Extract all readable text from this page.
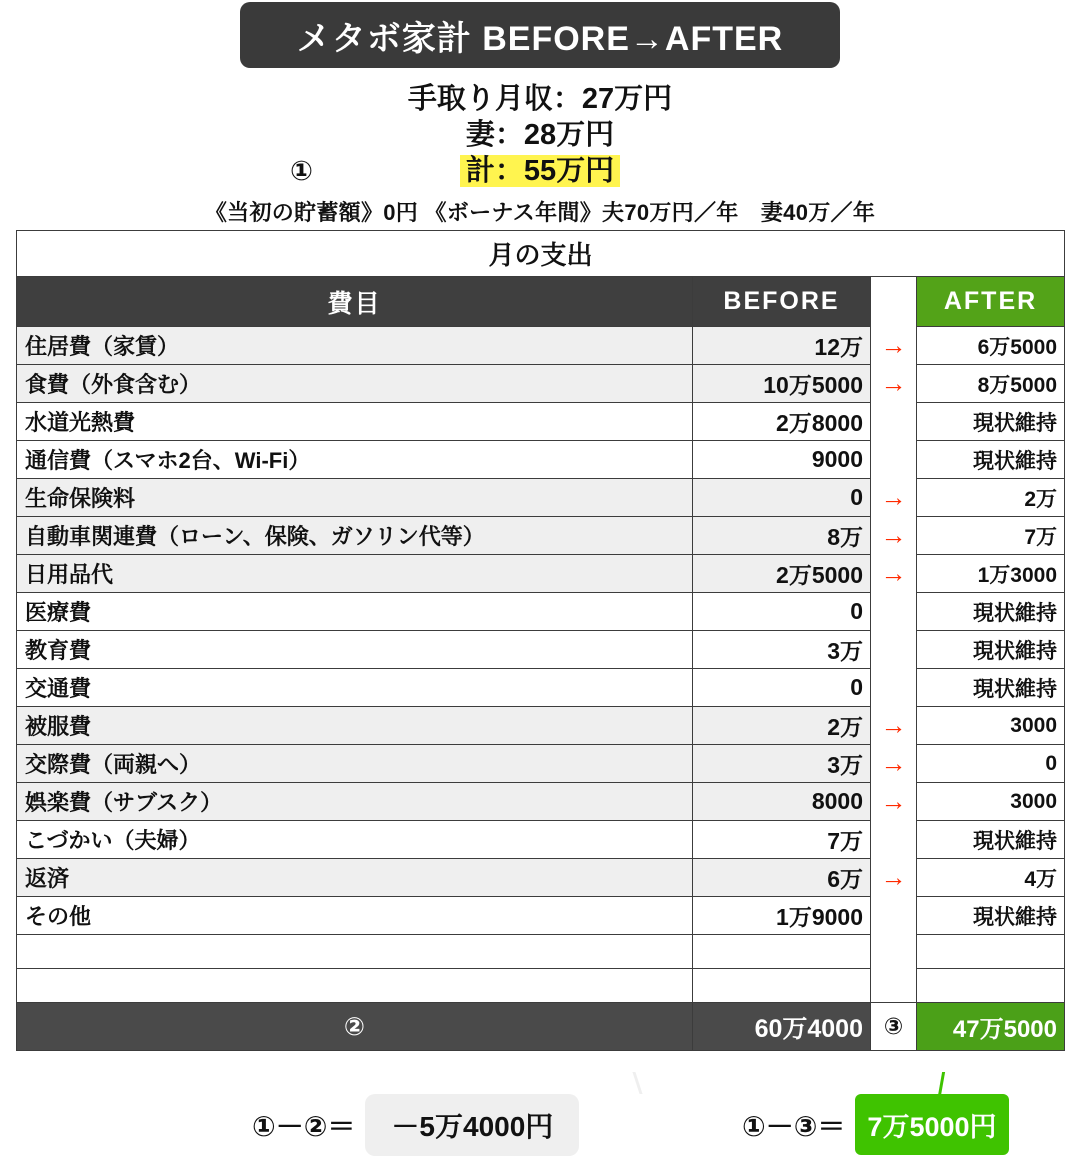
メタボ家計 BEFORE→AFTER
手取り月収：27万円
妻：28万円
計：55万円
①
《当初の貯蓄額》0円 《ボーナス年間》夫70万円／年　妻40万／年
月の支出			
費目	BEFORE		AFTER
住居費（家賃）	12万	→	6万5000
食費（外食含む）	10万5000	→	8万5000
水道光熱費	2万8000		現状維持
通信費（スマホ2台、Wi-Fi）	9000		現状維持
生命保険料	0	→	2万
自動車関連費（ローン、保険、ガソリン代等）	8万	→	7万
日用品代	2万5000	→	1万3000
医療費	0		現状維持
教育費	3万		現状維持
交通費	0		現状維持
被服費	2万	→	3000
交際費（両親へ）	3万	→	0
娯楽費（サブスク）	8000	→	3000
こづかい（夫婦）	7万		現状維持
返済	6万	→	4万
その他	1万9000		現状維持

②	60万4000	③	47万5000
①－②＝	－5万4000円	①－③＝ 7万5000円
